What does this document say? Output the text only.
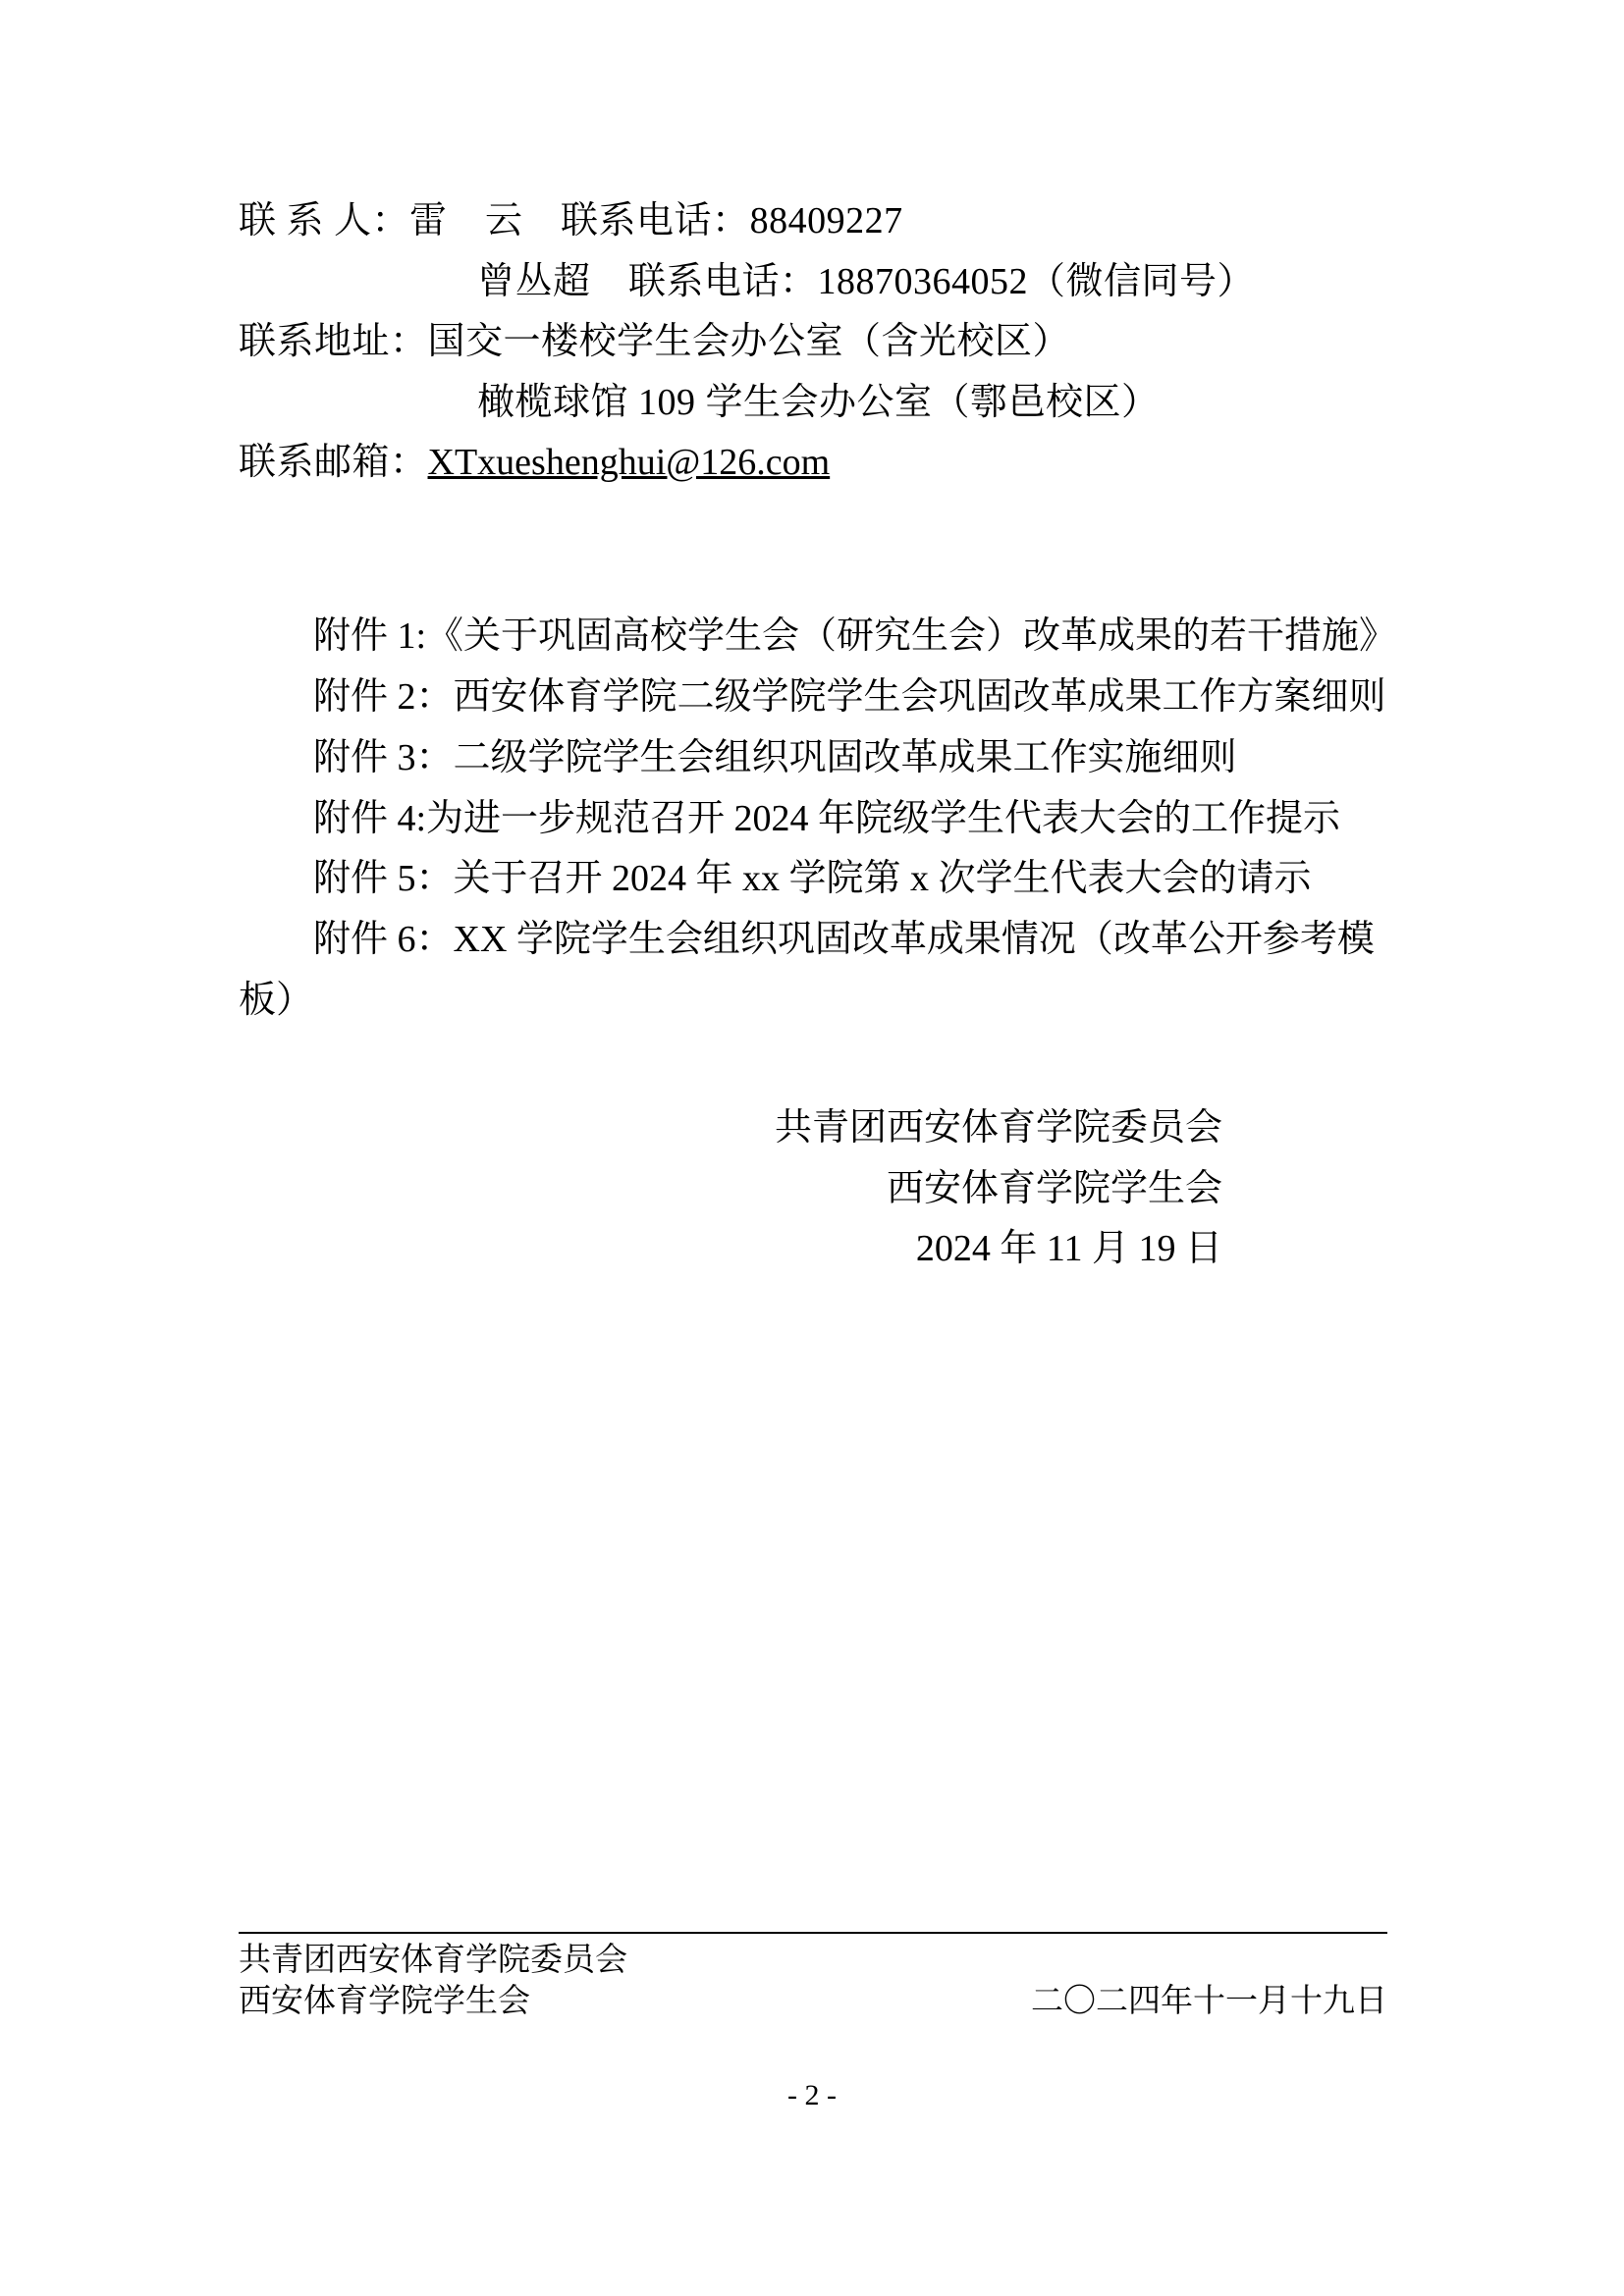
联 系 人：雷　云　 联系电话：88409227
曾丛超　 联系电话：18870364052（微信同号）
联系地址：国交一楼校学生会办公室（含光校区）
橄榄球馆 109 学生会办公室（鄠邑校区）
联系邮箱：XTxueshenghui@126.com

附件 1:《关于巩固高校学生会（研究生会）改革成果的若干措施》

附件 2：西安体育学院二级学院学生会巩固改革成果工作方案细则

附件 3：二级学院学生会组织巩固改革成果工作实施细则

附件 4:为进一步规范召开 2024 年院级学生代表大会的工作提示

附件 5：关于召开 2024 年 xx 学院第 x 次学生代表大会的请示

附件 6：XX 学院学生会组织巩固改革成果情况（改革公开参考模板）

共青团西安体育学院委员会
西安体育学院学生会
2024 年 11 月 19 日
共青团西安体育学院委员会
西安体育学院学生会	二〇二四年十一月十九日
- 2 -
